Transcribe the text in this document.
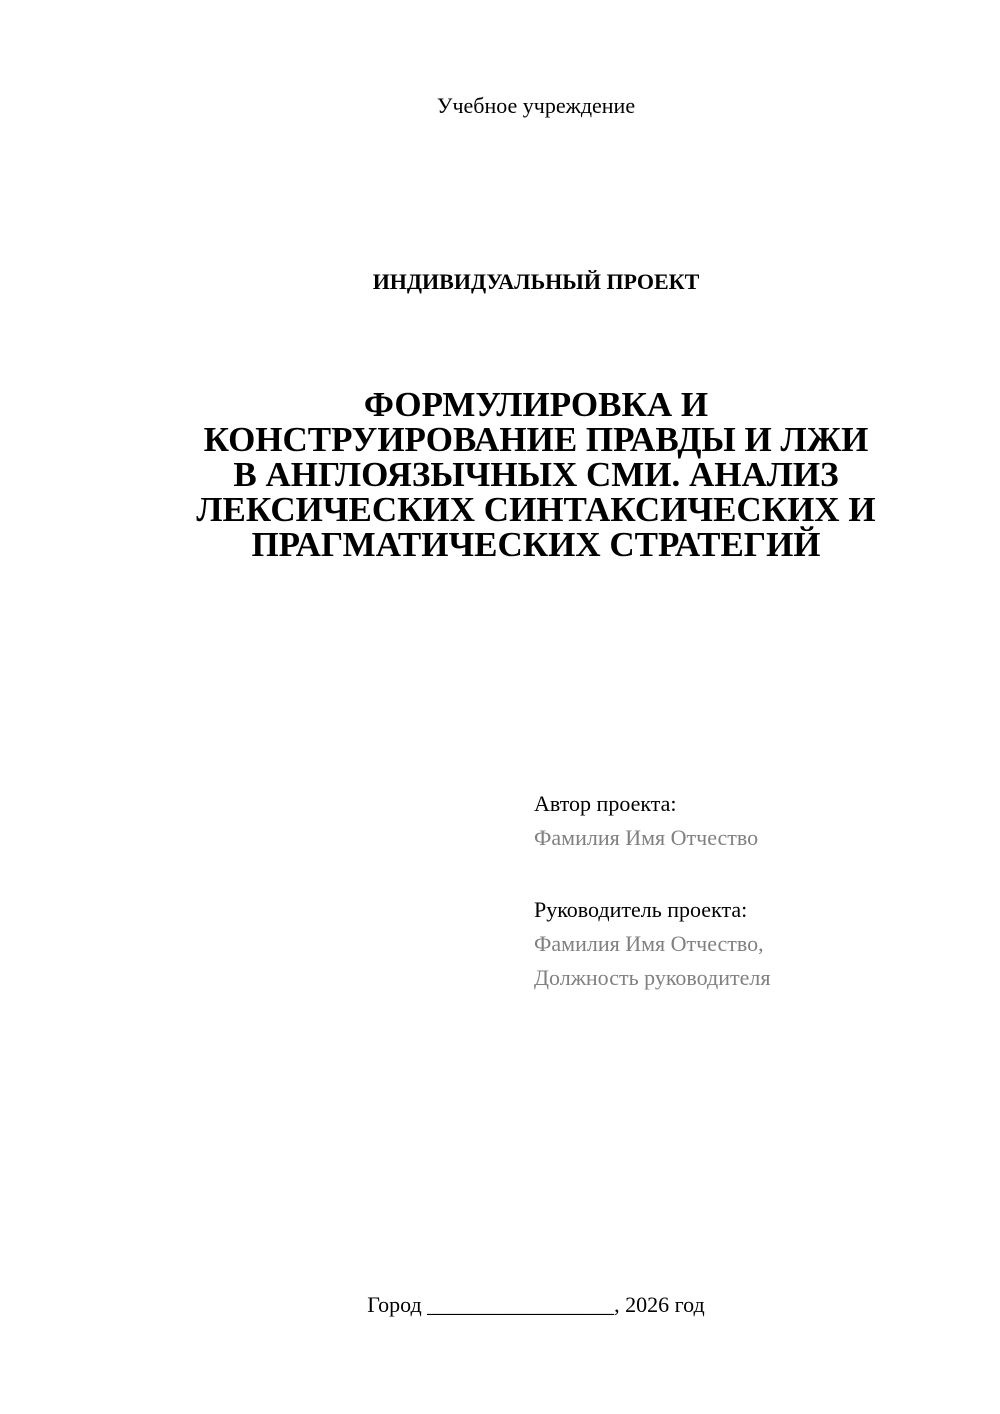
Учебное учреждение
ИНДИВИДУАЛЬНЫЙ ПРОЕКТ
ФОРМУЛИРОВКА И
КОНСТРУИРОВАНИЕ ПРАВДЫ И ЛЖИ
В АНГЛОЯЗЫЧНЫХ СМИ. АНАЛИЗ
ЛЕКСИЧЕСКИХ СИНТАКСИЧЕСКИХ И
ПРАГМАТИЧЕСКИХ СТРАТЕГИЙ
Автор проекта:
Фамилия Имя Отчество
Руководитель проекта:
Фамилия Имя Отчество,
Должность руководителя
Город _________________, 2026 год
